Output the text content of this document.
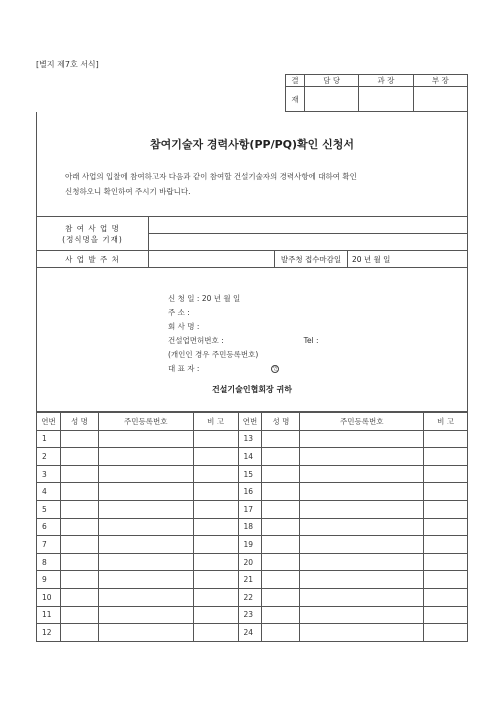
[별지 제7호 서식]
결	담 당	과 장	부 장
재			
참여기술자 경력사항(PP/PQ)확인 신청서
아래 사업의 입찰에 참여하고자 다음과 같이 참여할 건설기술자의 경력사항에 대하여 확인
신청하오니 확인하여 주시기 바랍니다.
참 여 사 업 명
(정식명을 기재)			

사 업 발 주 처		발주청 접수마감일	20 년 월 일
신 청 일 : 20 년 월 일
주 소 :
회 사 명 :
건설업면허번호 :	Tel :
(개인인 경우 주민등록번호)
대 표 자 :	인
건설기술인협회장 귀하
연번	성 명	주민등록번호	비 고	연번	성 명	주민등록번호	비 고
1				13			
2				14			
3				15			
4				16			
5				17			
6				18			
7				19			
8				20			
9				21			
10				22			
11				23			
12				24			
